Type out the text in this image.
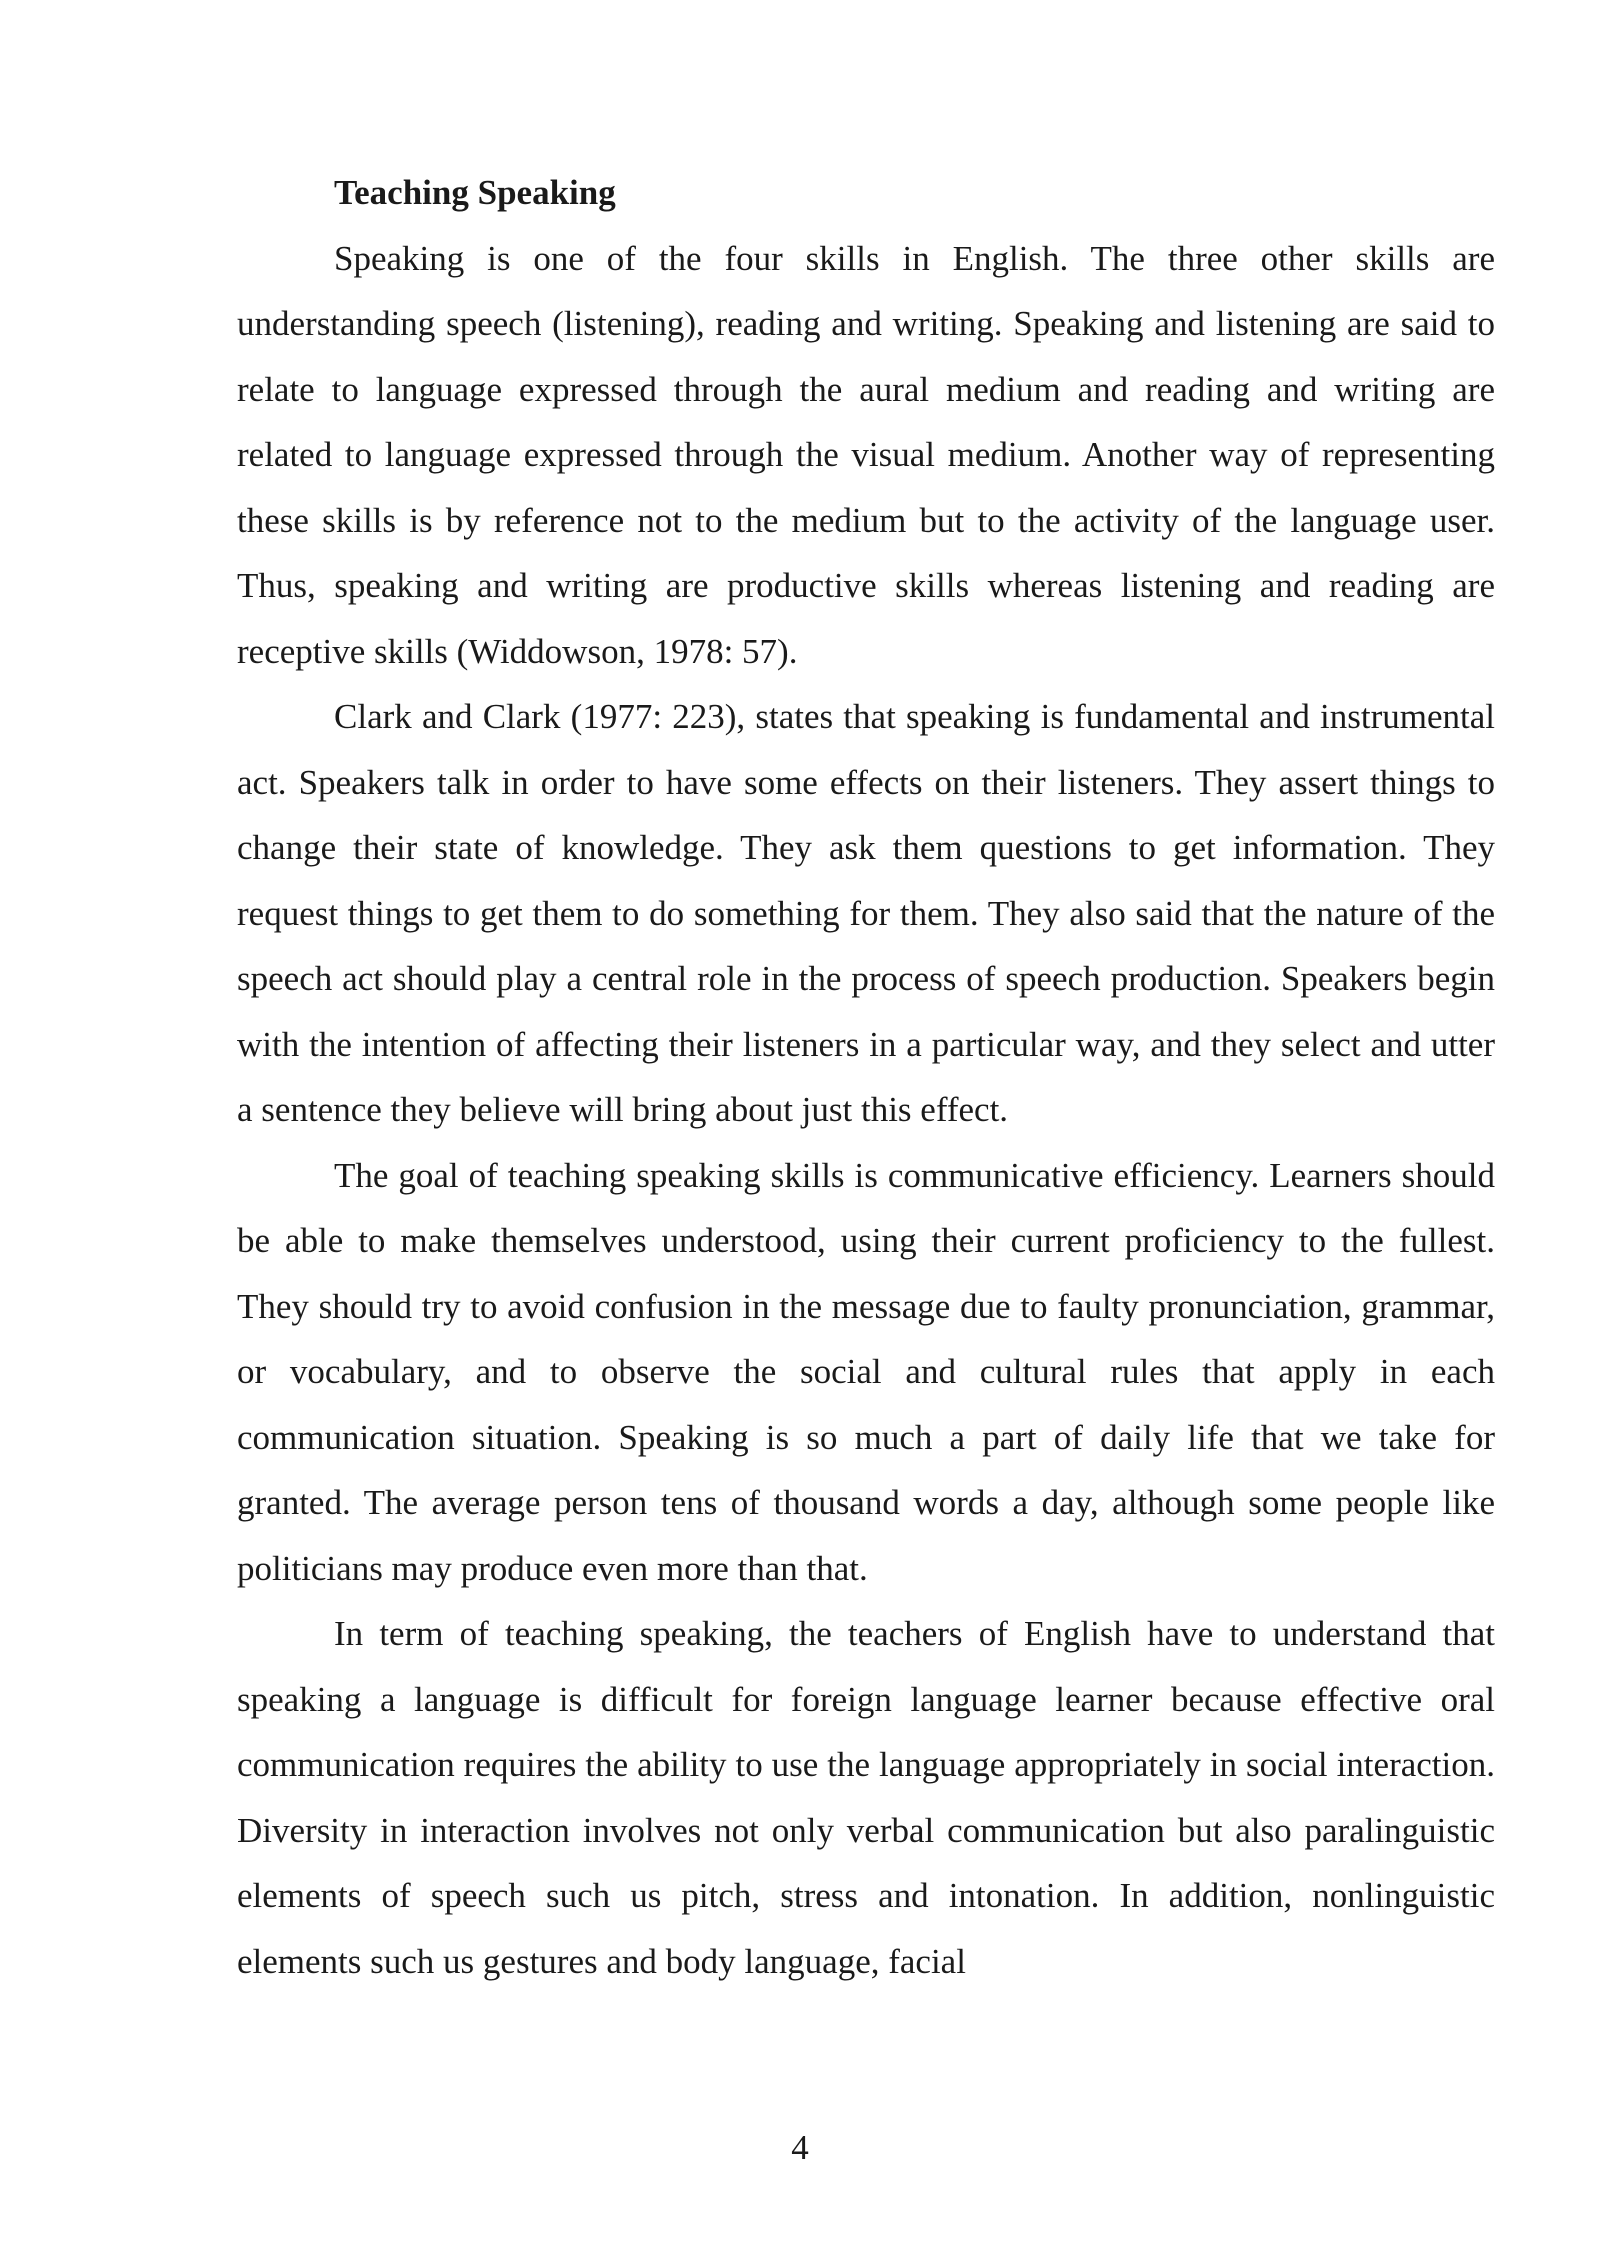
Teaching Speaking

Speaking is one of the four skills in English. The three other skills are understanding speech (listening), reading and writing. Speaking and listening are said to relate to language expressed through the aural medium and reading and writing are related to language expressed through the visual medium. Another way of representing these skills is by reference not to the medium but to the activity of the language user. Thus, speaking and writing are productive skills whereas listening and reading are receptive skills (Widdowson, 1978: 57).

Clark and Clark (1977: 223), states that speaking is fundamental and instrumental act. Speakers talk in order to have some effects on their listeners. They assert things to change their state of knowledge. They ask them questions to get information. They request things to get them to do something for them. They also said that the nature of the speech act should play a central role in the process of speech production. Speakers begin with the intention of affecting their listeners in a particular way, and they select and utter a sentence they believe will bring about just this effect.

The goal of teaching speaking skills is communicative efficiency. Learners should be able to make themselves understood, using their current proficiency to the fullest. They should try to avoid confusion in the message due to faulty pronunciation, grammar, or vocabulary, and to observe the social and cultural rules that apply in each communication situation. Speaking is so much a part of daily life that we take for granted. The average person tens of thousand words a day, although some people like politicians may produce even more than that.

In term of teaching speaking, the teachers of English have to understand that speaking a language is difficult for foreign language learner because effective oral communication requires the ability to use the language appropriately in social interaction. Diversity in interaction involves not only verbal communication but also paralinguistic elements of speech such us pitch, stress and intonation. In addition, nonlinguistic elements such us gestures and body language, facial

4
